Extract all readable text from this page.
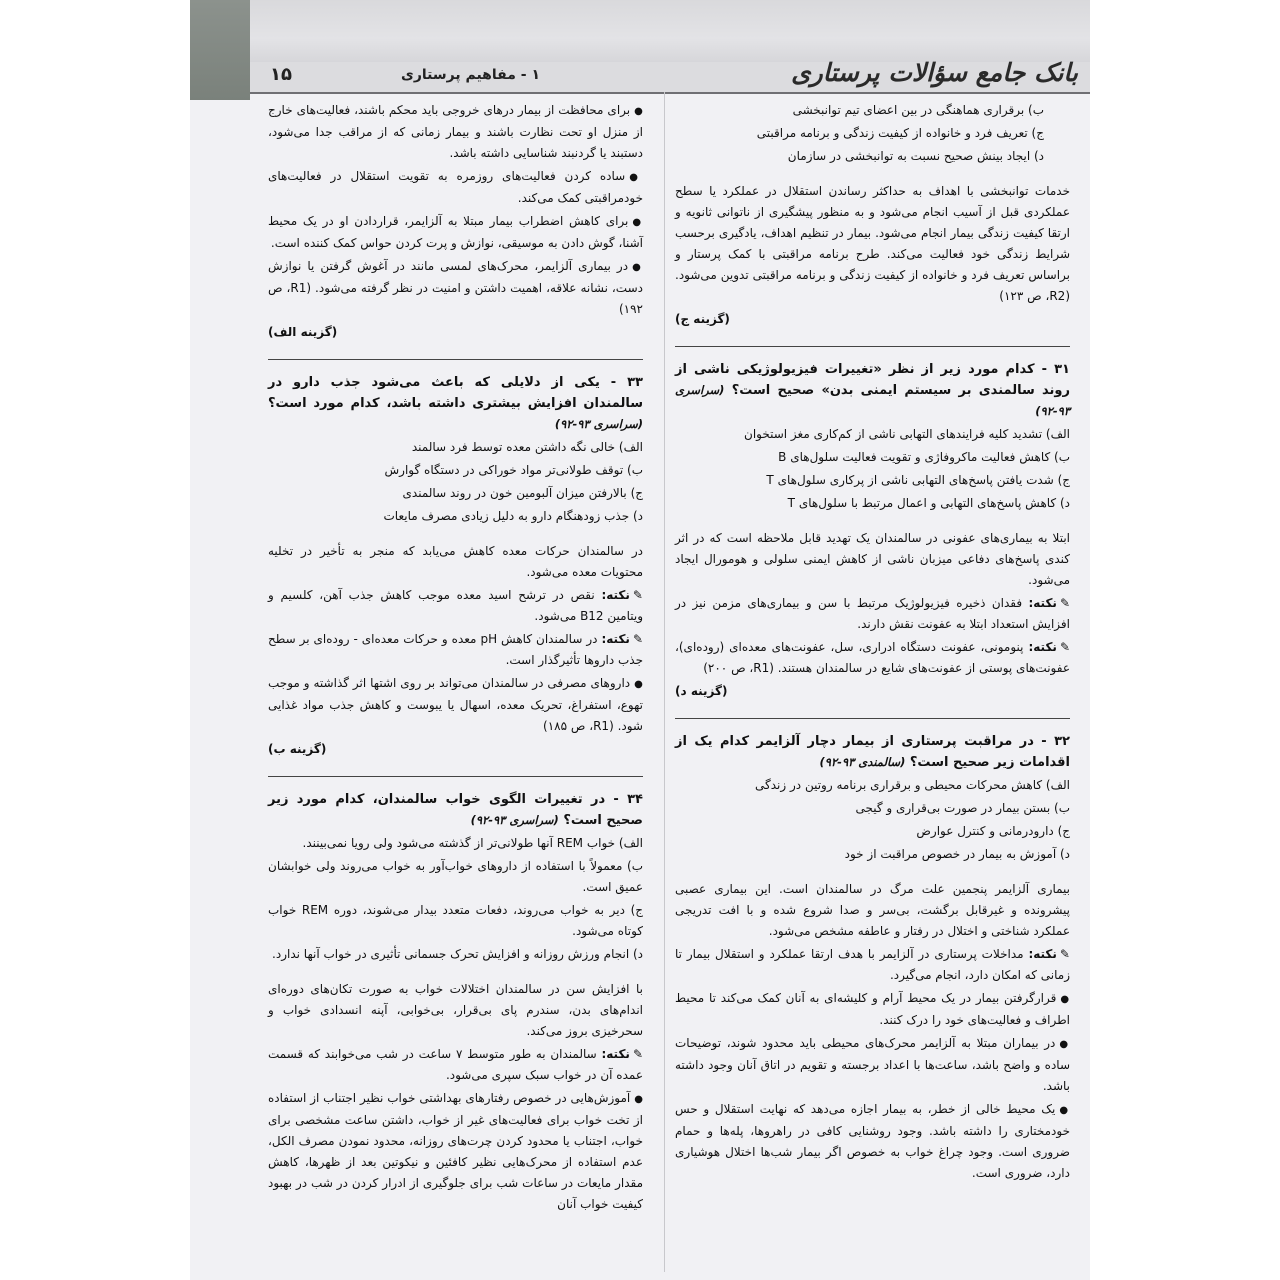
بانک جامع سؤالات پرستاری
۱۵	۱ - مفاهیم پرستاری

ب) برقراری هماهنگی در بین اعضای تیم توانبخشی

ج) تعریف فرد و خانواده از کیفیت زندگی و برنامه مراقبتی

د) ایجاد بینش صحیح نسبت به توانبخشی در سازمان

خدمات توانبخشی با اهداف به حداکثر رساندن استقلال در عملکرد یا سطح عملکردی قبل از آسیب انجام می‌شود و به منظور پیشگیری از ناتوانی ثانویه و ارتقا کیفیت زندگی بیمار انجام می‌شود. بیمار در تنظیم اهداف، یادگیری برحسب شرایط زندگی خود فعالیت می‌کند. طرح برنامه مراقبتی با کمک پرستار و براساس تعریف فرد و خانواده از کیفیت زندگی و برنامه مراقبتی تدوین می‌شود. (R2، ص ۱۲۳)

(گزینه ج)

۳۱ - کدام مورد زیر از نظر «تغییرات فیزیولوژیکی ناشی از روند سالمندی بر سیستم ایمنی بدن» صحیح است؟ (سراسری ۹۳-۹۲)

الف) تشدید کلیه فرایندهای التهابی ناشی از کم‌کاری مغز استخوان

ب) کاهش فعالیت ماکروفاژی و تقویت فعالیت سلول‌های B

ج) شدت یافتن پاسخ‌های التهابی ناشی از پرکاری سلول‌های T

د) کاهش پاسخ‌های التهابی و اعمال مرتبط با سلول‌های T

ابتلا به بیماری‌های عفونی در سالمندان یک تهدید قابل ملاحظه است که در اثر کندی پاسخ‌های دفاعی میزبان ناشی از کاهش ایمنی سلولی و هومورال ایجاد می‌شود.

✎نکته: فقدان ذخیره فیزیولوژیک مرتبط با سن و بیماری‌های مزمن نیز در افزایش استعداد ابتلا به عفونت نقش دارند.

✎نکته: پنومونی، عفونت دستگاه ادراری، سل، عفونت‌های معده‌ای (روده‌ای)، عفونت‌های پوستی از عفونت‌های شایع در سالمندان هستند. (R1، ص ۲۰۰)

(گزینه د)

۳۲ - در مراقبت پرستاری از بیمار دچار آلزایمر کدام یک از اقدامات زیر صحیح است؟ (سالمندی ۹۳-۹۲)

الف) کاهش محرکات محیطی و برقراری برنامه روتین در زندگی

ب) بستن بیمار در صورت بی‌قراری و گیجی

ج) دارودرمانی و کنترل عوارض

د) آموزش به بیمار در خصوص مراقبت از خود

بیماری آلزایمر پنجمین علت مرگ در سالمندان است. این بیماری عصبی پیشرونده و غیرقابل برگشت، بی‌سر و صدا شروع شده و با افت تدریجی عملکرد شناختی و اختلال در رفتار و عاطفه مشخص می‌شود.

✎نکته: مداخلات پرستاری در آلزایمر با هدف ارتقا عملکرد و استقلال بیمار تا زمانی که امکان دارد، انجام می‌گیرد.

●قرارگرفتن بیمار در یک محیط آرام و کلیشه‌ای به آنان کمک می‌کند تا محیط اطراف و فعالیت‌های خود را درک کنند.

●در بیماران مبتلا به آلزایمر محرک‌های محیطی باید محدود شوند، توضیحات ساده و واضح باشد، ساعت‌ها با اعداد برجسته و تقویم در اتاق آنان وجود داشته باشد.

●یک محیط خالی از خطر، به بیمار اجازه می‌دهد که نهایت استقلال و حس خودمختاری را داشته باشد. وجود روشنایی کافی در راهروها، پله‌ها و حمام ضروری است. وجود چراغ خواب به خصوص اگر بیمار شب‌ها اختلال هوشیاری دارد، ضروری است.

●برای محافظت از بیمار درهای خروجی باید محکم باشند، فعالیت‌های خارج از منزل او تحت نظارت باشند و بیمار زمانی که از مراقب جدا می‌شود، دستبند یا گردنبند شناسایی داشته باشد.

●ساده کردن فعالیت‌های روزمره به تقویت استقلال در فعالیت‌های خودمراقبتی کمک می‌کند.

●برای کاهش اضطراب بیمار مبتلا به آلزایمر، قراردادن او در یک محیط آشنا، گوش دادن به موسیقی، نوازش و پرت کردن حواس کمک کننده است.

●در بیماری آلزایمر، محرک‌های لمسی مانند در آغوش گرفتن یا نوازش دست، نشانه علاقه، اهمیت داشتن و امنیت در نظر گرفته می‌شود. (R1، ص ۱۹۲)

(گزینه الف)

۳۳ - یکی از دلایلی که باعث می‌شود جذب دارو در سالمندان افزایش بیشتری داشته باشد، کدام مورد است؟ (سراسری ۹۳-۹۲)

الف) خالی نگه داشتن معده توسط فرد سالمند

ب) توقف طولانی‌تر مواد خوراکی در دستگاه گوارش

ج) بالارفتن میزان آلبومین خون در روند سالمندی

د) جذب زودهنگام دارو به دلیل زیادی مصرف مایعات

در سالمندان حرکات معده کاهش می‌یابد که منجر به تأخیر در تخلیه محتویات معده می‌شود.

✎نکته: نقص در ترشح اسید معده موجب کاهش جذب آهن، کلسیم و ویتامین B12 می‌شود.

✎نکته: در سالمندان کاهش pH معده و حرکات معده‌ای - روده‌ای بر سطح جذب داروها تأثیرگذار است.

●داروهای مصرفی در سالمندان می‌تواند بر روی اشتها اثر گذاشته و موجب تهوع، استفراغ، تحریک معده، اسهال یا یبوست و کاهش جذب مواد غذایی شود. (R1، ص ۱۸۵)

(گزینه ب)

۳۴ - در تغییرات الگوی خواب سالمندان، کدام مورد زیر صحیح است؟ (سراسری ۹۳-۹۲)

الف) خواب REM آنها طولانی‌تر از گذشته می‌شود ولی رویا نمی‌بینند.

ب) معمولاً با استفاده از داروهای خواب‌آور به خواب می‌روند ولی خوابشان عمیق است.

ج) دیر به خواب می‌روند، دفعات متعدد بیدار می‌شوند، دوره REM خواب کوتاه می‌شود.

د) انجام ورزش روزانه و افزایش تحرک جسمانی تأثیری در خواب آنها ندارد.

با افزایش سن در سالمندان اختلالات خواب به صورت تکان‌های دوره‌ای اندام‌های بدن، سندرم پای بی‌قرار، بی‌خوابی، آپنه انسدادی خواب و سحرخیزی بروز می‌کند.

✎نکته: سالمندان به طور متوسط ۷ ساعت در شب می‌خوابند که قسمت عمده آن در خواب سبک سپری می‌شود.

●آموزش‌هایی در خصوص رفتارهای بهداشتی خواب نظیر اجتناب از استفاده از تخت خواب برای فعالیت‌های غیر از خواب، داشتن ساعت مشخصی برای خواب، اجتناب یا محدود کردن چرت‌های روزانه، محدود نمودن مصرف الکل، عدم استفاده از محرک‌هایی نظیر کافئین و نیکوتین بعد از ظهرها، کاهش مقدار مایعات در ساعات شب برای جلوگیری از ادرار کردن در شب در بهبود کیفیت خواب آنان
